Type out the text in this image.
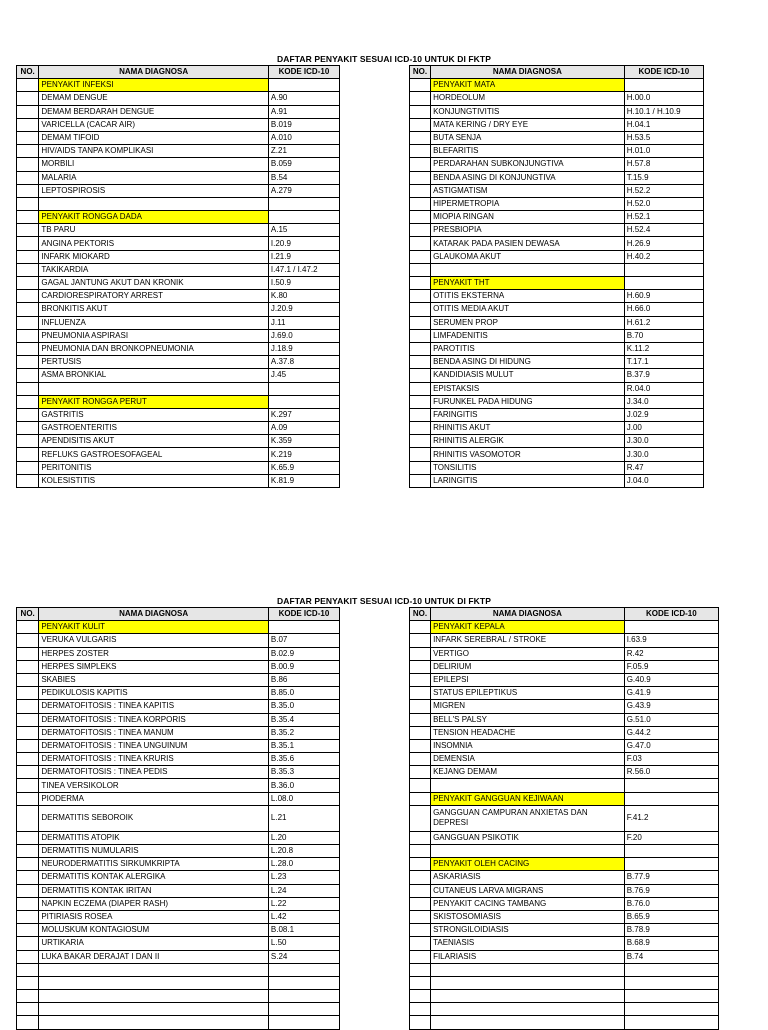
DAFTAR PENYAKIT SESUAI ICD-10 UNTUK DI FKTP
NO.	NAMA DIAGNOSA	KODE ICD-10
	PENYAKIT INFEKSI	
	DEMAM DENGUE	A.90
	DEMAM BERDARAH DENGUE	A.91
	VARICELLA (CACAR AIR)	B.019
	DEMAM TIFOID	A.010
	HIV/AIDS TANPA KOMPLIKASI	Z.21
	MORBILI	B.059
	MALARIA	B.54
	LEPTOSPIROSIS	A.279

	PENYAKIT RONGGA DADA	
	TB PARU	A.15
	ANGINA PEKTORIS	I.20.9
	INFARK MIOKARD	I.21.9
	TAKIKARDIA	I.47.1 / I.47.2
	GAGAL JANTUNG AKUT DAN KRONIK	I.50.9
	CARDIORESPIRATORY ARREST	K.80
	BRONKITIS AKUT	J.20.9
	INFLUENZA	J.11
	PNEUMONIA ASPIRASI	J.69.0
	PNEUMONIA DAN BRONKOPNEUMONIA	J.18.9
	PERTUSIS	A.37.8
	ASMA BRONKIAL	J.45

	PENYAKIT RONGGA PERUT	
	GASTRITIS	K.297
	GASTROENTERITIS	A.09
	APENDISITIS AKUT	K.359
	REFLUKS GASTROESOFAGEAL	K.219
	PERITONITIS	K.65.9
	KOLESISTITIS	K.81.9
NO.	NAMA DIAGNOSA	KODE ICD-10
	PENYAKIT MATA	
	HORDEOLUM	H.00.0
	KONJUNGTIVITIS	H.10.1 / H.10.9
	MATA KERING / DRY EYE	H.04.1
	BUTA SENJA	H.53.5
	BLEFARITIS	H.01.0
	PERDARAHAN SUBKONJUNGTIVA	H.57.8
	BENDA ASING DI KONJUNGTIVA	T.15.9
	ASTIGMATISM	H.52.2
	HIPERMETROPIA	H.52.0
	MIOPIA RINGAN	H.52.1
	PRESBIOPIA	H.52.4
	KATARAK PADA PASIEN DEWASA	H.26.9
	GLAUKOMA AKUT	H.40.2

	PENYAKIT THT	
	OTITIS EKSTERNA	H.60.9
	OTITIS MEDIA AKUT	H.66.0
	SERUMEN PROP	H.61.2
	LIMFADENITIS	B.70
	PAROTITIS	K.11.2
	BENDA ASING DI HIDUNG	T.17.1
	KANDIDIASIS MULUT	B.37.9
	EPISTAKSIS	R.04.0
	FURUNKEL PADA HIDUNG	J.34.0
	FARINGITIS	J.02.9
	RHINITIS AKUT	J.00
	RHINITIS ALERGIK	J.30.0
	RHINITIS VASOMOTOR	J.30.0
	TONSILITIS	R.47
	LARINGITIS	J.04.0
DAFTAR PENYAKIT SESUAI ICD-10 UNTUK DI FKTP
NO.	NAMA DIAGNOSA	KODE ICD-10
	PENYAKIT KULIT	
	VERUKA VULGARIS	B.07
	HERPES ZOSTER	B.02.9
	HERPES SIMPLEKS	B.00.9
	SKABIES	B.86
	PEDIKULOSIS KAPITIS	B.85.0
	DERMATOFITOSIS : TINEA KAPITIS	B.35.0
	DERMATOFITOSIS : TINEA KORPORIS	B.35.4
	DERMATOFITOSIS : TINEA MANUM	B.35.2
	DERMATOFITOSIS : TINEA UNGUINUM	B.35.1
	DERMATOFITOSIS : TINEA KRURIS	B.35.6
	DERMATOFITOSIS : TINEA PEDIS	B.35.3
	TINEA VERSIKOLOR	B.36.0
	PIODERMA	L.08.0
	DERMATITIS SEBOROIK	L.21
	DERMATITIS ATOPIK	L.20
	DERMATITIS NUMULARIS	L.20.8
	NEURODERMATITIS SIRKUMKRIPTA	L.28.0
	DERMATITIS KONTAK ALERGIKA	L.23
	DERMATITIS KONTAK IRITAN	L.24
	NAPKIN ECZEMA (DIAPER RASH)	L.22
	PITIRIASIS ROSEA	L.42
	MOLUSKUM KONTAGIOSUM	B.08.1
	URTIKARIA	L.50
	LUKA BAKAR DERAJAT I DAN II	S.24

NO.	NAMA DIAGNOSA	KODE ICD-10
	PENYAKIT KEPALA	
	INFARK SEREBRAL / STROKE	I.63.9
	VERTIGO	R.42
	DELIRIUM	F.05.9
	EPILEPSI	G.40.9
	STATUS EPILEPTIKUS	G.41.9
	MIGREN	G.43.9
	BELL'S PALSY	G.51.0
	TENSION HEADACHE	G.44.2
	INSOMNIA	G.47.0
	DEMENSIA	F.03
	KEJANG DEMAM	R.56.0

	PENYAKIT GANGGUAN KEJIWAAN	
	GANGGUAN CAMPURAN ANXIETAS DAN DEPRESI	F.41.2
	GANGGUAN PSIKOTIK	F.20

	PENYAKIT OLEH CACING	
	ASKARIASIS	B.77.9
	CUTANEUS LARVA MIGRANS	B.76.9
	PENYAKIT CACING TAMBANG	B.76.0
	SKISTOSOMIASIS	B.65.9
	STRONGILOIDIASIS	B.78.9
	TAENIASIS	B.68.9
	FILARIASIS	B.74
